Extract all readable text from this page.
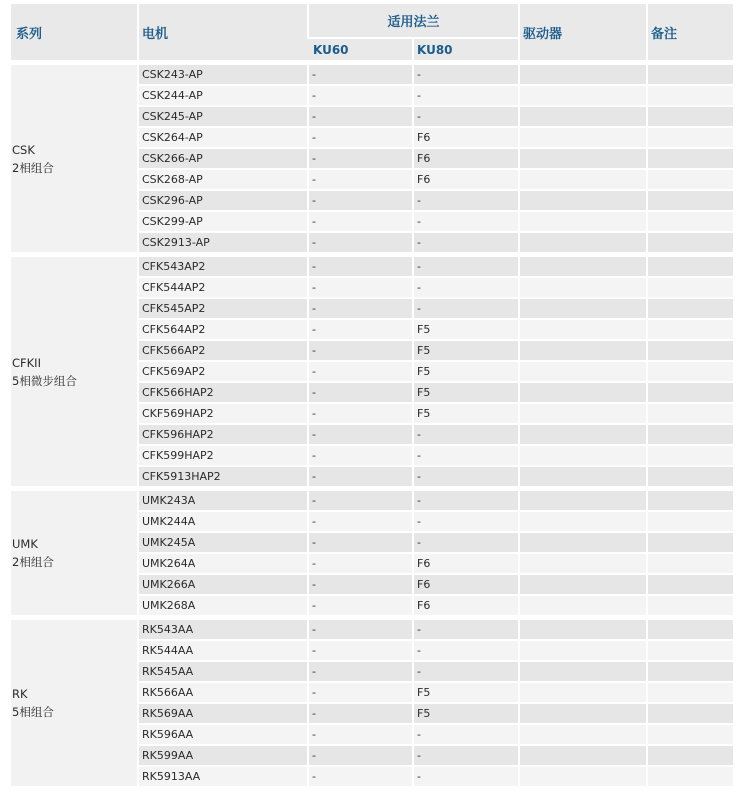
系列	电机	适用法兰		驱动器	备注
		KU60	KU80		

CSK
2相组合	CSK243-AP	-	-		
	CSK244-AP	-	-		
	CSK245-AP	-	-		
	CSK264-AP	-	F6		
	CSK266-AP	-	F6		
	CSK268-AP	-	F6		
	CSK296-AP	-	-		
	CSK299-AP	-	-		
	CSK2913-AP	-	-		

CFKII
5相微步组合	CFK543AP2	-	-		
	CFK544AP2	-	-		
	CFK545AP2	-	-		
	CFK564AP2	-	F5		
	CFK566AP2	-	F5		
	CFK569AP2	-	F5		
	CFK566HAP2	-	F5		
	CKF569HAP2	-	F5		
	CFK596HAP2	-	-		
	CFK599HAP2	-	-		
	CFK5913HAP2	-	-		

UMK
2相组合	UMK243A	-	-		
	UMK244A	-	-		
	UMK245A	-	-		
	UMK264A	-	F6		
	UMK266A	-	F6		
	UMK268A	-	F6		

RK
5相组合	RK543AA	-	-		
	RK544AA	-	-		
	RK545AA	-	-		
	RK566AA	-	F5		
	RK569AA	-	F5		
	RK596AA	-	-		
	RK599AA	-	-		
	RK5913AA	-	-		
